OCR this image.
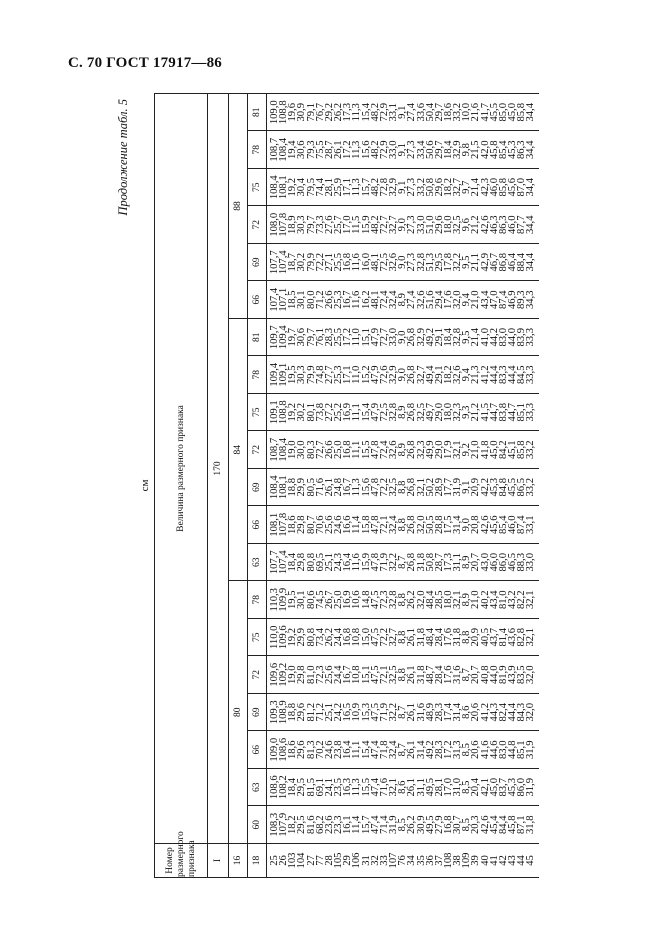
С. 70 ГОСТ 17917—86
Продолжение табл. 5
см
Номер размерного признака	Величина размерного признака																			
I	170																			
16	80							84							88					
18	60	63	66	69	72	75	78	63	66	69	72	75	78	81	66	69	72	75	78	81
25	108,3	108,6	109,0	109,3	109,6	110,0	110,3	107,7	108,1	108,4	108,7	109,1	109,4	109,7	107,4	107,7	108,0	108,4	108,7	109,0
26	107,9	108,2	108,6	108,9	109,2	109,6	109,9	107,4	107,8	108,1	108,4	108,8	109,1	109,4	107,1	107,4	107,8	108,1	108,4	108,8
103	18,2	18,4	18,6	18,8	19,0	19,2	19,5	18,4	18,6	18,8	19,0	19,2	19,5	19,7	18,5	18,7	18,9	19,2	19,4	19,6
104	29,5	29,5	29,6	29,6	29,8	29,9	30,1	29,8	29,8	29,9	30,0	30,2	30,3	30,6	30,1	30,2	30,3	30,4	30,6	30,9
27	81,6	81,5	81,3	81,2	81,0	80,8	80,6	80,8	80,7	80,5	80,3	80,1	79,9	79,7	80,0	79,9	79,7	79,5	79,3	79,1
77	68,2	69,1	70,2	71,2	72,3	73,4	74,5	69,5	70,6	71,6	72,7	73,8	74,8	76,1	71,2	72,2	73,3	74,4	75,5	76,7
28	23,6	24,1	24,6	25,1	25,6	26,2	26,7	25,1	25,6	26,1	26,6	27,2	27,7	28,3	26,6	27,1	27,6	28,1	28,7	29,2
105	23,3	23,5	23,8	24,2	24,4	24,4	25,0	24,3	24,6	24,8	25,0	25,2	25,3	25,5	25,3	25,5	25,7	25,9	26,1	26,2
29	16,1	16,3	16,4	16,5	16,7	16,8	16,9	16,4	16,6	16,7	16,8	16,9	17,1	17,2	16,7	16,8	17,0	17,1	17,2	17,3
106	11,4	11,3	11,1	10,9	10,8	10,8	10,6	11,6	11,4	11,3	11,1	11,1	11,0	11,0	11,6	11,6	11,5	11,3	11,3	11,3
31	15,7	15,5	15,4	15,3	15,1	15,0	14,8	15,9	15,8	15,6	15,5	15,4	15,2	15,1	16,2	16,0	15,9	15,7	15,6	15,4
32	47,4	47,4	47,4	47,5	47,5	47,5	47,5	47,8	47,8	47,8	47,8	47,9	47,9	47,9	48,1	48,1	48,2	48,2	48,2	48,2
33	71,4	71,6	71,8	71,9	72,1	72,2	72,3	71,9	72,1	72,2	72,4	72,5	72,6	72,7	72,4	72,5	72,7	72,8	72,9	72,9
107	31,9	32,1	32,4	32,2	32,5	32,7	32,8	32,2	32,4	32,5	32,6	32,8	32,9	33,0	32,4	32,6	32,7	32,9	33,0	33,1
76	8,5	8,6	8,7	8,7	8,8	8,8	8,8	8,7	8,8	8,8	8,9	8,9	9,0	9,0	8,9	9,0	9,0	9,1	9,1	9,1
34	26,2	26,1	26,1	26,1	26,1	26,1	26,2	26,8	26,8	26,8	26,8	26,8	26,8	26,8	27,4	27,3	27,3	27,3	27,3	27,4
35	30,9	31,1	31,4	31,6	31,8	31,8	32,0	31,8	32,0	32,1	32,3	32,5	32,7	32,9	32,6	32,8	33,0	33,2	33,4	33,6
36	49,5	49,5	49,2	48,9	48,7	48,4	48,4	50,8	50,5	50,2	49,9	49,7	49,4	49,2	51,6	51,3	51,0	50,8	50,6	50,4
37	27,9	28,1	28,3	28,3	28,4	28,4	28,5	28,7	28,8	28,9	29,0	29,0	29,1	29,1	29,4	29,5	29,6	29,6	29,7	29,7
108	16,8	17,0	17,2	17,4	17,6	17,6	18,0	17,3	17,5	17,7	17,9	18,0	18,2	18,4	17,6	17,8	18,0	18,2	18,4	18,6
38	30,7	31,0	31,3	31,4	31,6	31,8	32,1	31,1	31,4	31,9	32,1	32,3	32,6	32,8	32,0	32,2	32,5	32,7	32,9	33,2
109	8,5	8,5	8,5	8,6	8,7	8,8	8,9	8,9	9,0	9,1	9,2	9,3	9,4	9,5	9,4	9,5	9,6	9,7	9,8	10,0
39	20,3	20,4	20,6	20,6	20,7	20,9	21,0	20,7	20,8	20,9	21,0	21,2	21,3	21,4	21,0	21,1	21,2	21,4	21,5	21,6
40	42,6	42,1	41,6	41,2	40,8	40,5	40,2	43,0	42,6	42,2	41,8	41,5	41,2	41,0	43,4	42,9	42,6	42,3	42,0	41,7
41	45,4	45,0	44,6	44,3	44,0	43,7	43,4	46,0	45,6	45,3	45,0	44,7	44,4	44,2	47,0	46,7	46,3	46,0	45,8	45,5
42	84,4	83,7	83,0	82,4	81,9	81,4	81,0	86,0	85,4	84,8	84,2	83,8	83,3	83,0	87,4	86,8	86,3	85,8	85,4	85,0
43	45,8	45,3	44,8	44,4	43,9	43,6	43,2	46,5	46,0	45,5	45,1	44,7	44,4	44,0	46,9	46,4	46,0	45,6	45,3	45,0
44	87,1	86,0	85,1	84,3	83,5	82,8	82,2	88,3	87,4	86,5	85,8	85,1	84,5	83,9	89,3	88,4	87,7	87,0	86,3	85,8
45	31,8	31,9	31,9	32,0	32,0	32,1	32,1	33,0	33,1	33,2	33,2	33,3	33,3	33,3	34,3	34,4	34,4	34,4	34,4	34,4
